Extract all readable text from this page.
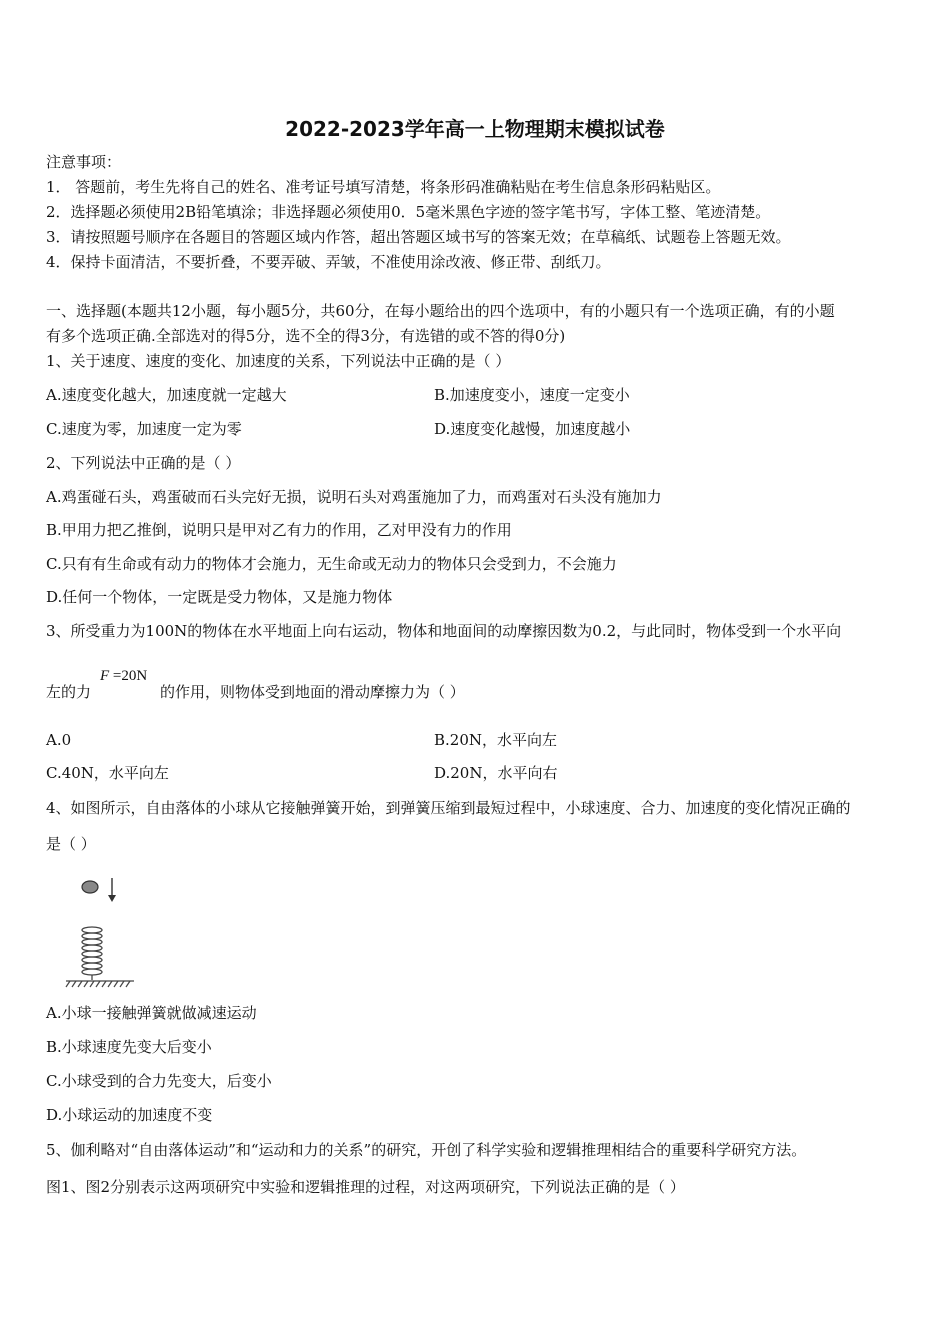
2022-2023学年高一上物理期末模拟试卷
注意事项：
1． 答题前，考生先将自己的姓名、准考证号填写清楚，将条形码准确粘贴在考生信息条形码粘贴区。
2．选择题必须使用2B铅笔填涂；非选择题必须使用0．5毫米黑色字迹的签字笔书写，字体工整、笔迹清楚。
3．请按照题号顺序在各题目的答题区域内作答，超出答题区域书写的答案无效；在草稿纸、试题卷上答题无效。
4．保持卡面清洁，不要折叠，不要弄破、弄皱，不准使用涂改液、修正带、刮纸刀。
一、选择题(本题共12小题，每小题5分，共60分，在每小题给出的四个选项中，有的小题只有一个选项正确，有的小题
有多个选项正确.全部选对的得5分，选不全的得3分，有选错的或不答的得0分)
1、关于速度、速度的变化、加速度的关系，下列说法中正确的是（ ）
A.速度变化越大，加速度就一定越大	B.加速度变小，速度一定变小
C.速度为零，加速度一定为零	D.速度变化越慢，加速度越小
2、下列说法中正确的是（ ）
A.鸡蛋碰石头，鸡蛋破而石头完好无损，说明石头对鸡蛋施加了力，而鸡蛋对石头没有施加力
B.甲用力把乙推倒，说明只是甲对乙有力的作用，乙对甲没有力的作用
C.只有有生命或有动力的物体才会施力，无生命或无动力的物体只会受到力，不会施力
D.任何一个物体，一定既是受力物体，又是施力物体
3、所受重力为100N的物体在水平地面上向右运动，物体和地面间的动摩擦因数为0.2，与此同时，物体受到一个水平向
左的力
F =20N
的作用，则物体受到地面的滑动摩擦力为（ ）
A.0	B.20N，水平向左
C.40N，水平向左	D.20N，水平向右
4、如图所示，自由落体的小球从它接触弹簧开始，到弹簧压缩到最短过程中，小球速度、合力、加速度的变化情况正确的
是（ ）
A.小球一接触弹簧就做减速运动
B.小球速度先变大后变小
C.小球受到的合力先变大，后变小
D.小球运动的加速度不变
5、伽利略对“自由落体运动”和“运动和力的关系”的研究，开创了科学实验和逻辑推理相结合的重要科学研究方法。
图1、图2分别表示这两项研究中实验和逻辑推理的过程，对这两项研究，下列说法正确的是（ ）
